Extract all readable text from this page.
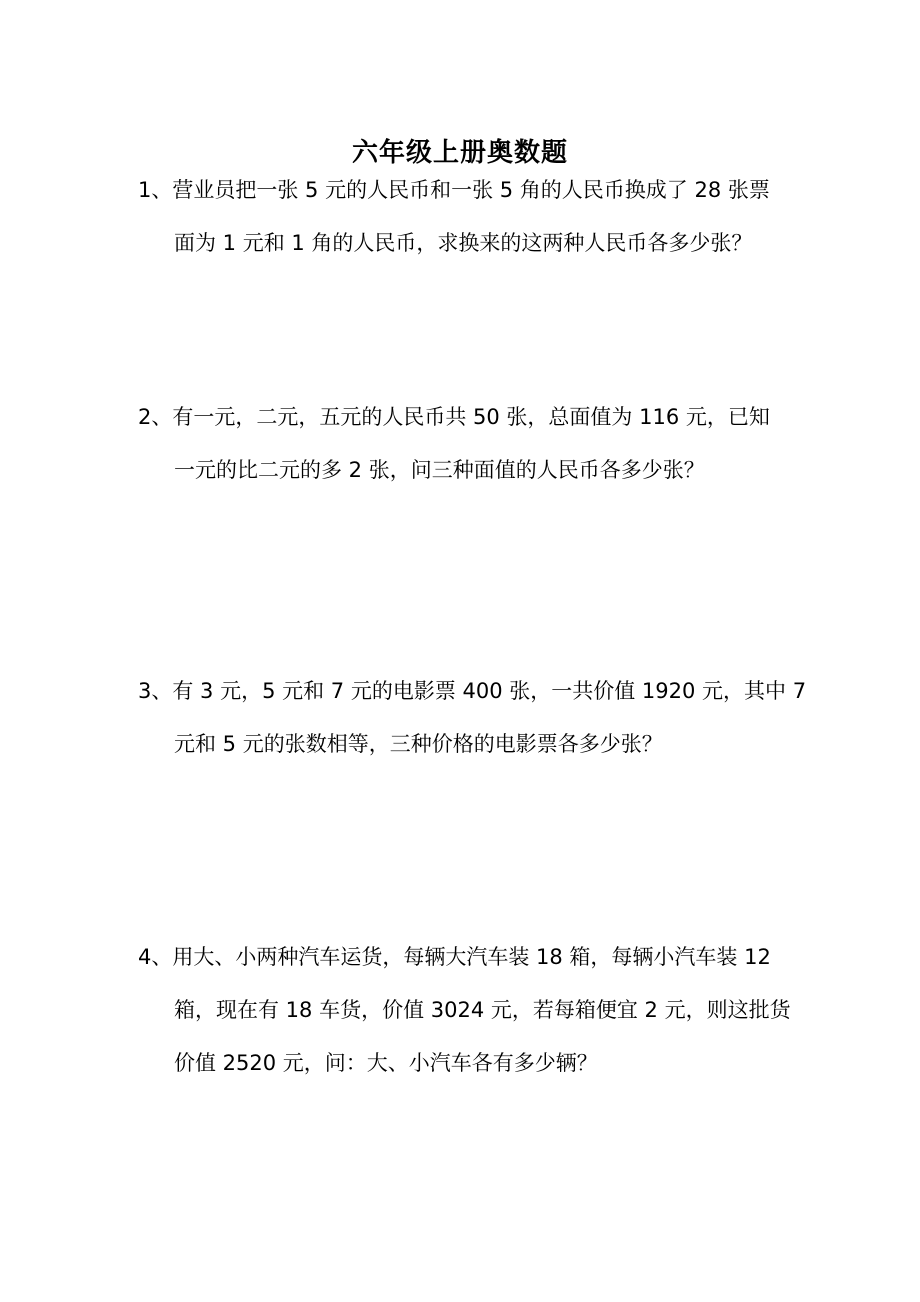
六年级上册奥数题
1、营业员把一张 5 元的人民币和一张 5 角的人民币换成了 28 张票
面为 1 元和 1 角的人民币，求换来的这两种人民币各多少张？
2、有一元，二元，五元的人民币共 50 张，总面值为 116 元，已知
一元的比二元的多 2 张，问三种面值的人民币各多少张？
3、有 3 元，5 元和 7 元的电影票 400 张，一共价值 1920 元，其中 7
元和 5 元的张数相等，三种价格的电影票各多少张？
4、用大、小两种汽车运货，每辆大汽车装 18 箱，每辆小汽车装 12
箱，现在有 18 车货，价值 3024 元，若每箱便宜 2 元，则这批货
价值 2520 元，问：大、小汽车各有多少辆？
